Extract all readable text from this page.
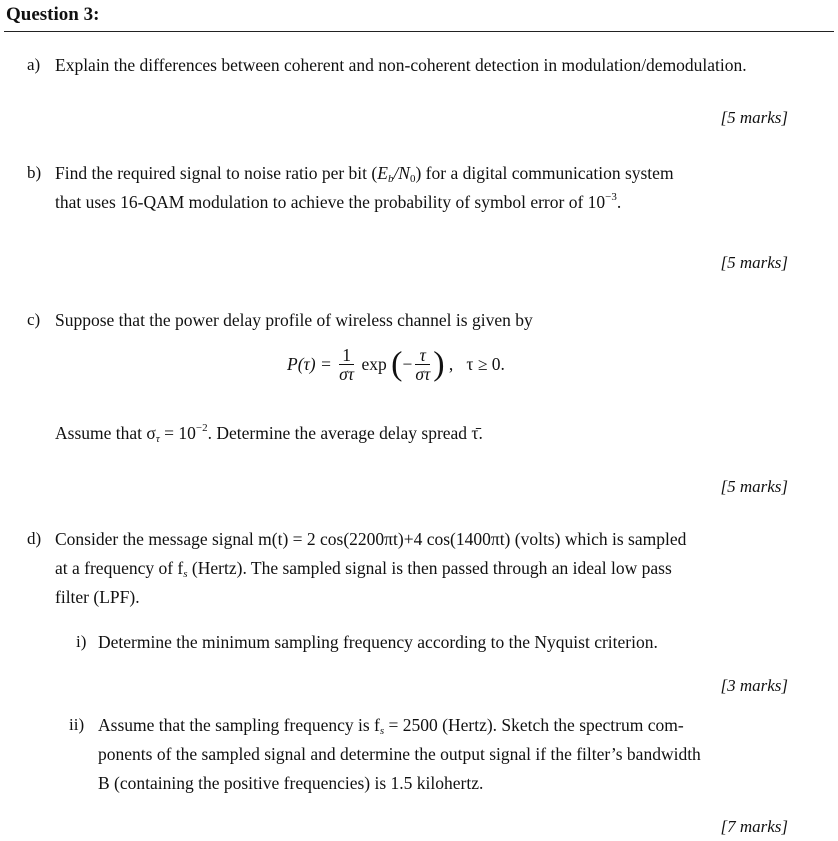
Question 3:
a) Explain the differences between coherent and non-coherent detection in modulation/demodulation.
[5 marks]
b) Find the required signal to noise ratio per bit $(E_b/N_0)$ for a digital communication system
that uses 16-QAM modulation to achieve the probability of symbol error of $10^{-3}$.
[5 marks]
c) Suppose that the power delay profile of wireless channel is given by
$P(\tau) = \frac{1}{\sigma\tau}$ exp (− $\frac{\tau}{\sigma\tau}$ ) ,   τ ≥ 0.
Assume that $\sigma_\tau = 10^{-2}$. Determine the average delay spread τ̄.
[5 marks]
d) Consider the message signal m(t) = 2 cos(2200πt)+4 cos(1400πt) (volts) which is sampled
at a frequency of $f_s$ (Hertz). The sampled signal is then passed through an ideal low pass
filter (LPF).
i) Determine the minimum sampling frequency according to the Nyquist criterion.
[3 marks]
ii) Assume that the sampling frequency is $f_s = 2500$ (Hertz). Sketch the spectrum com-
ponents of the sampled signal and determine the output signal if the filter’s bandwidth
B (containing the positive frequencies) is 1.5 kilohertz.
[7 marks]
